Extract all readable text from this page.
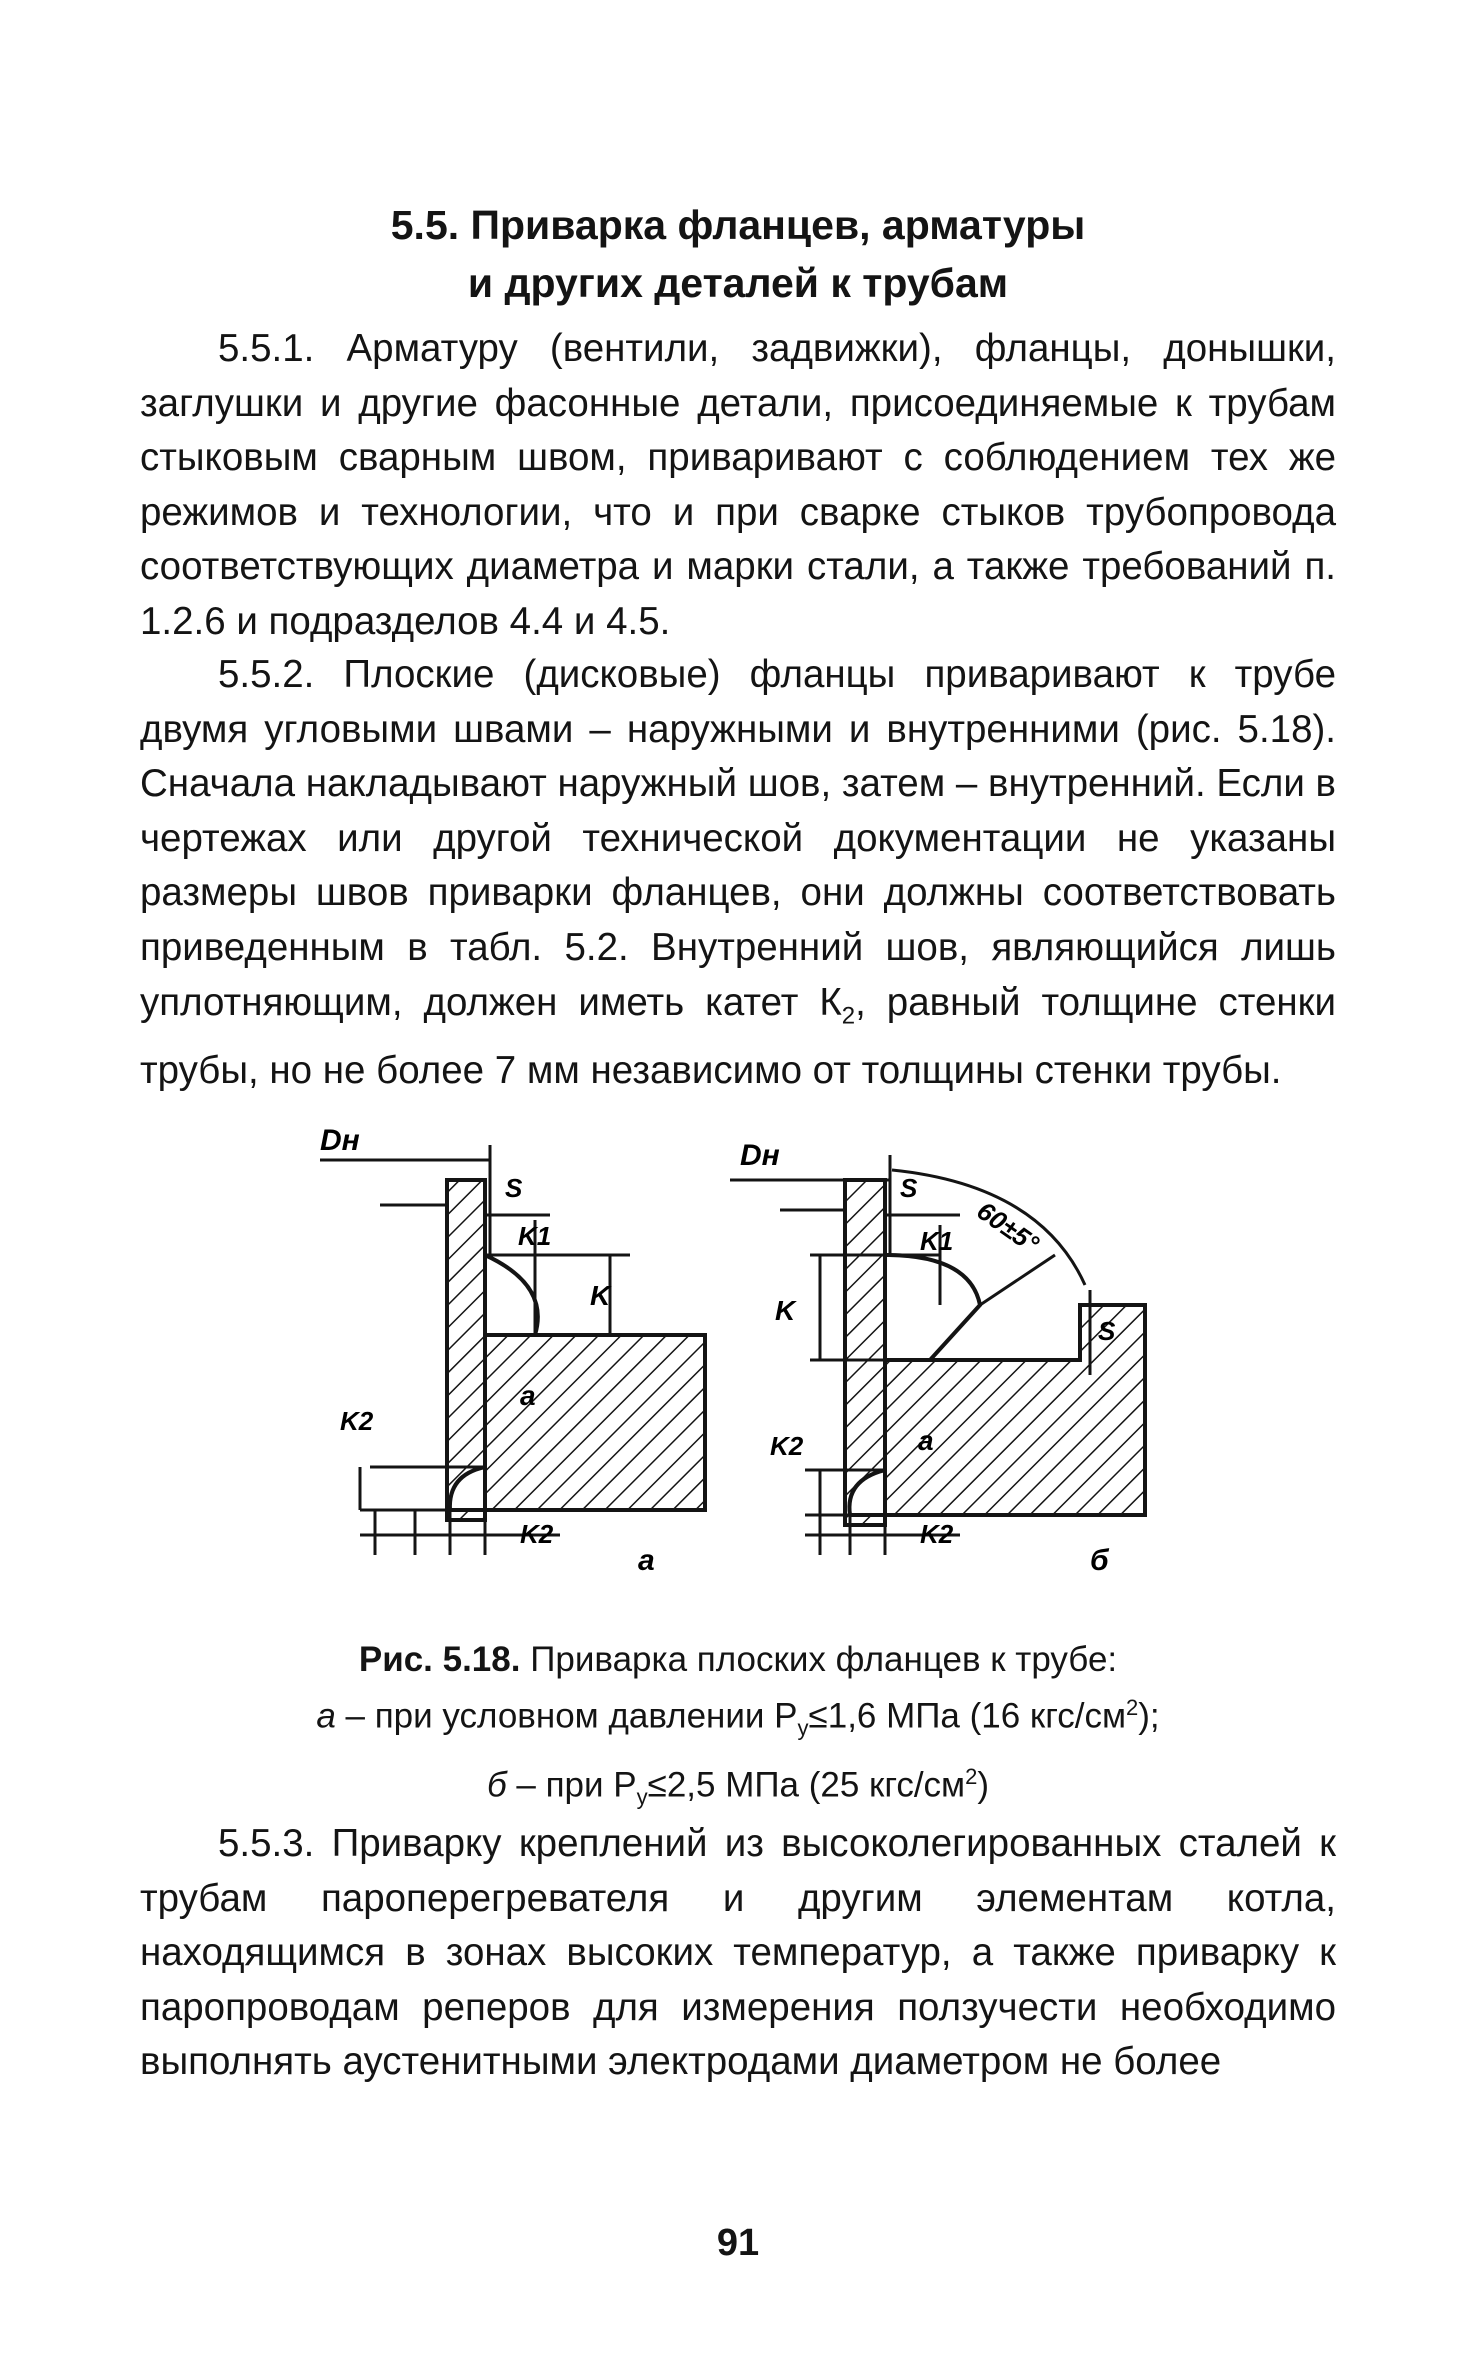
5.5. Приварка фланцев, арматуры
и других деталей к трубам

5.5.1. Арматуру (вентили, задвижки), фланцы, донышки, заглушки и другие фасонные детали, присоединяемые к трубам стыковым сварным швом, приваривают с соблюдением тех же режимов и технологии, что и при сварке стыков трубопровода соответствующих диаметра и марки стали, а также требований п. 1.2.6 и подразделов 4.4 и 4.5.

5.5.2. Плоские (дисковые) фланцы приваривают к трубе двумя угловыми швами – наружными и внутренними (рис. 5.18). Сначала накладывают наружный шов, затем – внутренний. Если в чертежах или другой технической документации не указаны размеры швов приварки фланцев, они должны соответствовать приведенным в табл. 5.2. Внутренний шов, являющийся лишь уплотняющим, должен иметь катет $К_2$, равный толщине стенки трубы, но не более 7 мм независимо от толщины стенки трубы.

Dн
S
K1
K
K2
a
K2
a
Dн
S
K1 60±5°
K
S
K2	a
K2
б
Рис. 5.18. Приварка плоских фланцев к трубе:
а – при условном давлении $Р_у\le 1,6$ МПа (16 кгс/$см^2$);
б – при $Р_у\le 2,5$ МПа (25 кгс/$см^2$)

5.5.3. Приварку креплений из высоколегированных сталей к трубам пароперегревателя и другим элементам котла, находящимся в зонах высоких температур, а также приварку к паропроводам реперов для измерения ползучести необходимо выполнять аустенитными электродами диаметром не более

91
